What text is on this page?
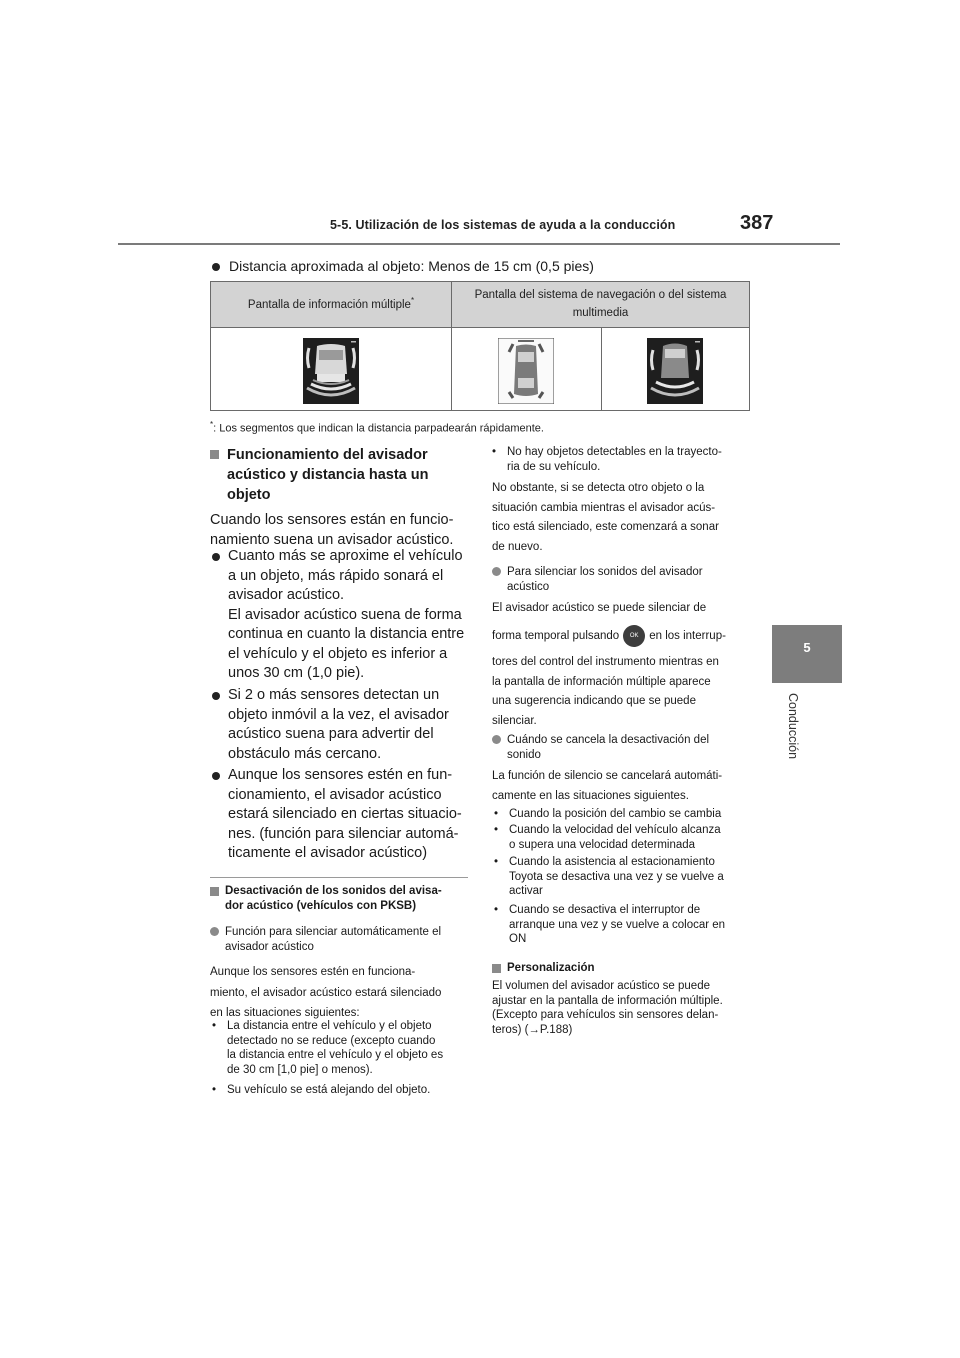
5-5. Utilización de los sistemas de ayuda a la conducción	387
5
Conducción
Distancia aproximada al objeto: Menos de 15 cm (0,5 pies)
Pantalla de información múltiple*	Pantalla del sistema de navegación o del sistema
multimedia
*: Los segmentos que indican la distancia parpadearán rápidamente.
Funcionamiento del avisador
acústico y distancia hasta un
objeto
Cuando los sensores están en funcio-
namiento suena un avisador acústico.
Cuanto más se aproxime el vehículo
a un objeto, más rápido sonará el
avisador acústico.
El avisador acústico suena de forma
continua en cuanto la distancia entre
el vehículo y el objeto es inferior a
unos 30 cm (1,0 pie).
Si 2 o más sensores detectan un
objeto inmóvil a la vez, el avisador
acústico suena para advertir del
obstáculo más cercano.
Aunque los sensores estén en fun-
cionamiento, el avisador acústico
estará silenciado en ciertas situacio-
nes. (función para silenciar automá-
ticamente el avisador acústico)
Desactivación de los sonidos del avisa-
dor acústico (vehículos con PKSB)
Función para silenciar automáticamente el
avisador acústico
Aunque los sensores estén en funciona-
miento, el avisador acústico estará silenciado
en las situaciones siguientes:
• La distancia entre el vehículo y el objeto
detectado no se reduce (excepto cuando
la distancia entre el vehículo y el objeto es
de 30 cm [1,0 pie] o menos).
• Su vehículo se está alejando del objeto.
• No hay objetos detectables en la trayecto-
ria de su vehículo.
No obstante, si se detecta otro objeto o la
situación cambia mientras el avisador acús-
tico está silenciado, este comenzará a sonar
de nuevo.
Para silenciar los sonidos del avisador
acústico
El avisador acústico se puede silenciar de
forma temporal pulsando OK en los interrup-
tores del control del instrumento mientras en
la pantalla de información múltiple aparece
una sugerencia indicando que se puede
silenciar.
Cuándo se cancela la desactivación del
sonido
La función de silencio se cancelará automáti-
camente en las situaciones siguientes.
• Cuando la posición del cambio se cambia
• Cuando la velocidad del vehículo alcanza
o supera una velocidad determinada
• Cuando la asistencia al estacionamiento
Toyota se desactiva una vez y se vuelve a
activar
• Cuando se desactiva el interruptor de
arranque una vez y se vuelve a colocar en
ON
Personalización
El volumen del avisador acústico se puede
ajustar en la pantalla de información múltiple.
(Excepto para vehículos sin sensores delan-
teros) (→P.188)
